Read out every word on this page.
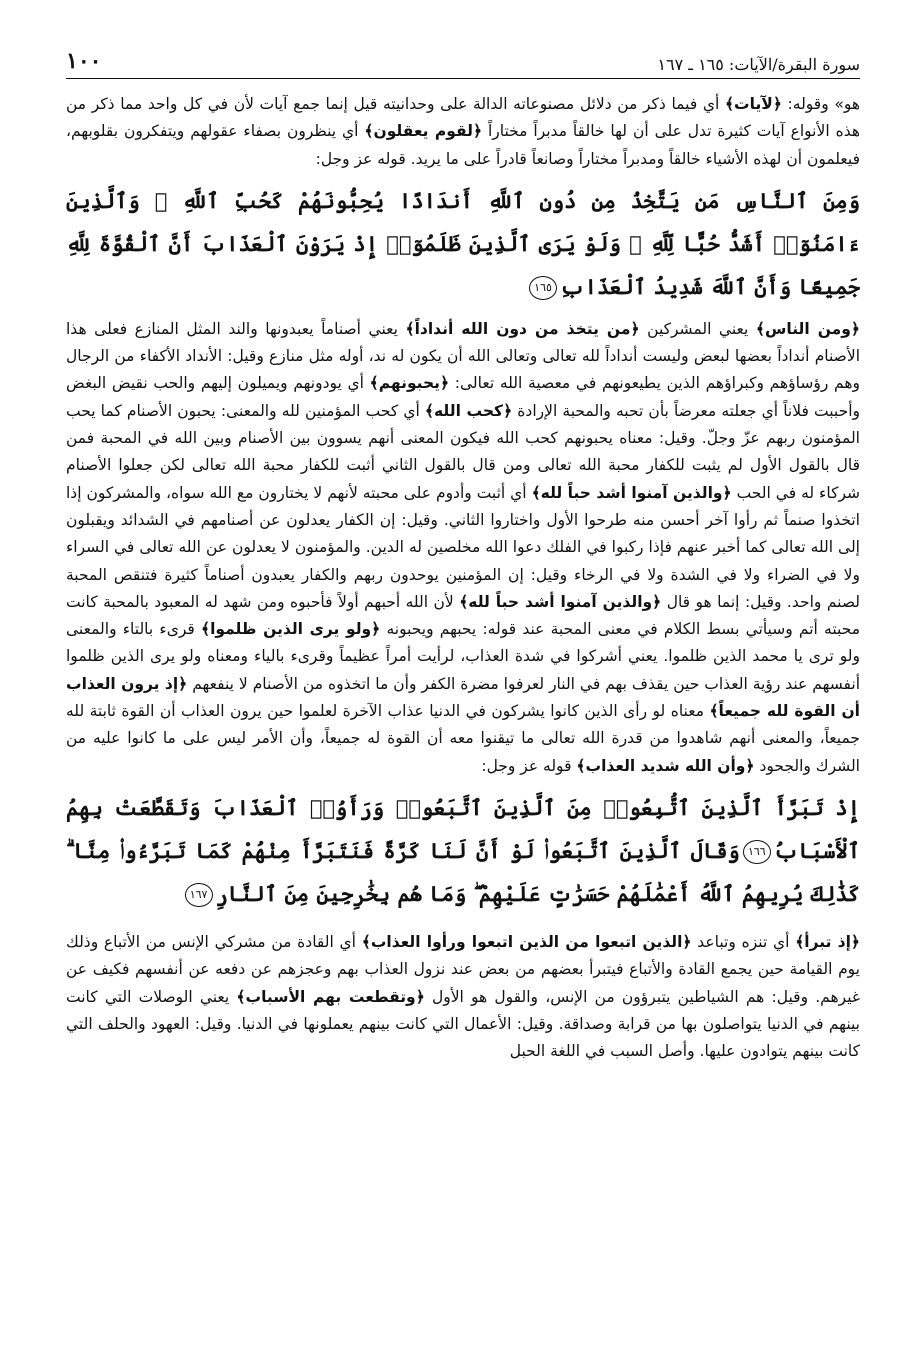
سورة البقرة/الآيات: ١٦٥ ـ ١٦٧
١٠٠

هو» وقوله: ﴿ لآيات ﴾ أي فيما ذكر من دلائل مصنوعاته الدالة على وحدانيته قيل إنما جمع آيات لأن في كل واحد مما ذكر من هذه الأنواع آيات كثيرة تدل على أن لها خالقاً مدبراً مختاراً ﴿ لقوم يعقلون ﴾ أي ينظرون بصفاء عقولهم ويتفكرون بقلوبهم، فيعلمون أن لهذه الأشياء خالقاً ومدبراً مختاراً وصانعاً قادراً على ما يريد. قوله عز وجل:

وَمِنَ ٱلنَّاسِ مَن يَتَّخِذُ مِن دُونِ ٱللَّهِ أَندَادًا يُحِبُّونَهُمْ كَحُبِّ ٱللَّهِ ۖ وَٱلَّذِينَ ءَامَنُوٓا۟ أَشَدُّ حُبًّا لِّلَّهِ ۗ وَلَوْ يَرَى ٱلَّذِينَ ظَلَمُوٓا۟ إِذْ يَرَوْنَ ٱلْعَذَابَ أَنَّ ٱلْقُوَّةَ لِلَّهِ جَمِيعًا وَأَنَّ ٱللَّهَ شَدِيدُ ٱلْعَذَابِ١٦٥

﴿ ومن الناس ﴾ يعني المشركين ﴿ من يتخذ من دون الله أنداداً ﴾ يعني أصناماً يعبدونها والند المثل المنازع فعلى هذا الأصنام أنداداً بعضها لبعض وليست أنداداً لله تعالى وتعالى الله أن يكون له ند، أوله مثل منازع وقيل: الأنداد الأكفاء من الرجال وهم رؤساؤهم وكبراؤهم الذين يطيعونهم في معصية الله تعالى: ﴿ يحبونهم ﴾ أي يودونهم ويميلون إليهم والحب نقيض البغض وأحببت فلاناً أي جعلته معرضاً بأن تحبه والمحبة الإرادة ﴿ كحب الله ﴾ أي كحب المؤمنين لله والمعنى: يحبون الأصنام كما يحب المؤمنون ربهم عزّ وجلّ. وقيل: معناه يحبونهم كحب الله فيكون المعنى أنهم يسوون بين الأصنام وبين الله في المحبة فمن قال بالقول الأول لم يثبت للكفار محبة الله تعالى ومن قال بالقول الثاني أثبت للكفار محبة الله تعالى لكن جعلوا الأصنام شركاء له في الحب ﴿ والذين آمنوا أشد حباً لله ﴾ أي أثبت وأدوم على محبته لأنهم لا يختارون مع الله سواه، والمشركون إذا اتخذوا صنماً ثم رأوا آخر أحسن منه طرحوا الأول واختاروا الثاني. وقيل: إن الكفار يعدلون عن أصنامهم في الشدائد ويقبلون إلى الله تعالى كما أخبر عنهم فإذا ركبوا في الفلك دعوا الله مخلصين له الدين. والمؤمنون لا يعدلون عن الله تعالى في السراء ولا في الضراء ولا في الشدة ولا في الرخاء وقيل: إن المؤمنين يوحدون ربهم والكفار يعبدون أصناماً كثيرة فتنقص المحبة لصنم واحد. وقيل: إنما هو قال ﴿ والذين آمنوا أشد حباً لله ﴾ لأن الله أحبهم أولاً فأحبوه ومن شهد له المعبود بالمحبة كانت محبته أتم وسيأتي بسط الكلام في معنى المحبة عند قوله: يحبهم ويحبونه ﴿ ولو يرى الذين ظلموا ﴾ قرىء بالتاء والمعنى ولو ترى يا محمد الذين ظلموا. يعني أشركوا في شدة العذاب، لرأيت أمراً عظيماً وقرىء بالياء ومعناه ولو يرى الذين ظلموا أنفسهم عند رؤية العذاب حين يقذف بهم في النار لعرفوا مضرة الكفر وأن ما اتخذوه من الأصنام لا ينفعهم ﴿ إذ يرون العذاب أن القوة لله جميعاً ﴾ معناه لو رأى الذين كانوا يشركون في الدنيا عذاب الآخرة لعلموا حين يرون العذاب أن القوة ثابتة لله جميعاً، والمعنى أنهم شاهدوا من قدرة الله تعالى ما تيقنوا معه أن القوة له جميعاً، وأن الأمر ليس على ما كانوا عليه من الشرك والجحود ﴿ وأن الله شديد العذاب ﴾ قوله عز وجل:

إِذْ تَبَرَّأَ ٱلَّذِينَ ٱتُّبِعُوا۟ مِنَ ٱلَّذِينَ ٱتَّبَعُوا۟ وَرَأَوُا۟ ٱلْعَذَابَ وَتَقَطَّعَتْ بِهِمُ ٱلْأَسْبَابُ١٦٦وَقَالَ ٱلَّذِينَ ٱتَّبَعُوا۟ لَوْ أَنَّ لَنَا كَرَّةً فَنَتَبَرَّأَ مِنْهُمْ كَمَا تَبَرَّءُوا۟ مِنَّا ۗ كَذَٰلِكَ يُرِيهِمُ ٱللَّهُ أَعْمَٰلَهُمْ حَسَرَٰتٍ عَلَيْهِمْ ۖ وَمَا هُم بِخَٰرِجِينَ مِنَ ٱلنَّارِ١٦٧

﴿ إذ تبرأ ﴾ أي تنزه وتباعد ﴿ الذين اتبعوا من الذين اتبعوا ورأوا العذاب ﴾ أي القادة من مشركي الإنس من الأتباع وذلك يوم القيامة حين يجمع القادة والأتباع فيتبرأ بعضهم من بعض عند نزول العذاب بهم وعجزهم عن دفعه عن أنفسهم فكيف عن غيرهم. وقيل: هم الشياطين يتبرؤون من الإنس، والقول هو الأول ﴿ وتقطعت بهم الأسباب ﴾ يعني الوصلات التي كانت بينهم في الدنيا يتواصلون بها من قرابة وصداقة. وقيل: الأعمال التي كانت بينهم يعملونها في الدنيا. وقيل: العهود والحلف التي كانت بينهم يتوادون عليها. وأصل السبب في اللغة الحبل
